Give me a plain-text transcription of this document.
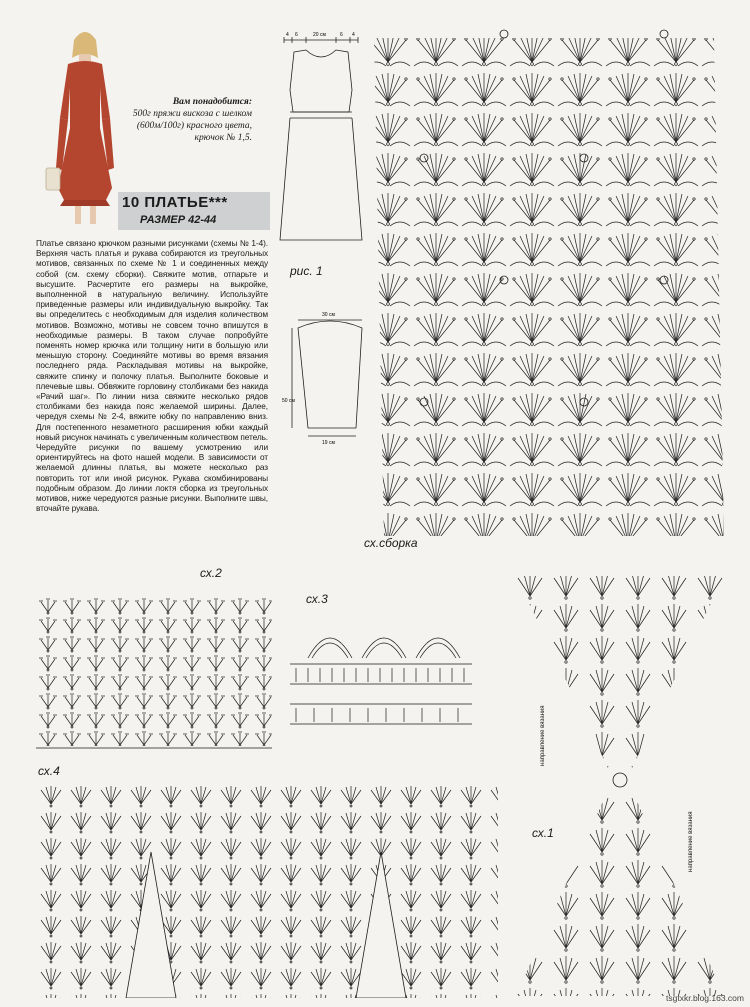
Вам понадобится:
500г пряжи вискоза с шелком (600м/100г) красного цвета, крючок № 1,5.
10 ПЛАТЬЕ***
РАЗМЕР 42-44
Платье связано крючком разными рисунками (схемы № 1-4). Верхняя часть платья и рукава собираются из треугольных мотивов, связанных по схеме № 1 и соединенных между собой (см. схему сборки). Свяжите мотив, отпарьте и высушите. Расчертите его размеры на выкройке, выполненной в натуральную величину. Используйте приведенные размеры или индивидуальную выкройку. Так вы определитесь с необходимым для изделия количеством мотивов. Возможно, мотивы не совсем точно впишутся в необходимые размеры. В таком случае попробуйте поменять номер крючка или толщину нити в большую или меньшую сторону. Соединяйте мотивы во время вязания последнего ряда. Раскладывая мотивы на выкройке, свяжите спинку и полочку платья. Выполните боковые и плечевые швы. Обвяжите горловину столбиками без накида «Рачий шаг». По линии низа свяжите несколько рядов столбиками без накида пояс желаемой ширины. Далее, чередуя схемы № 2-4, вяжите юбку по направлению вниз. Для постепенного незаметного расширения юбки каждый новый рисунок начинать с увеличенным количеством петель. Чередуйте рисунки по вашему усмотрению или ориентируйтесь на фото нашей модели. В зависимости от желаемой длинны платья, вы можете несколько раз повторить тот или иной рисунок. Рукава скомбинированы подобным образом. До линии локтя сборка из треугольных мотивов, ниже чередуются разные рисунки. Выполните швы, вточайте рукава.
4 6	20 см	6 4
рис. 1
30 см
50 см
19 см
сх.сборка
сх.2
сх.3
направление вязания
направление вязания
сх.1
сх.4
tsgtxkr.blog.163.com
